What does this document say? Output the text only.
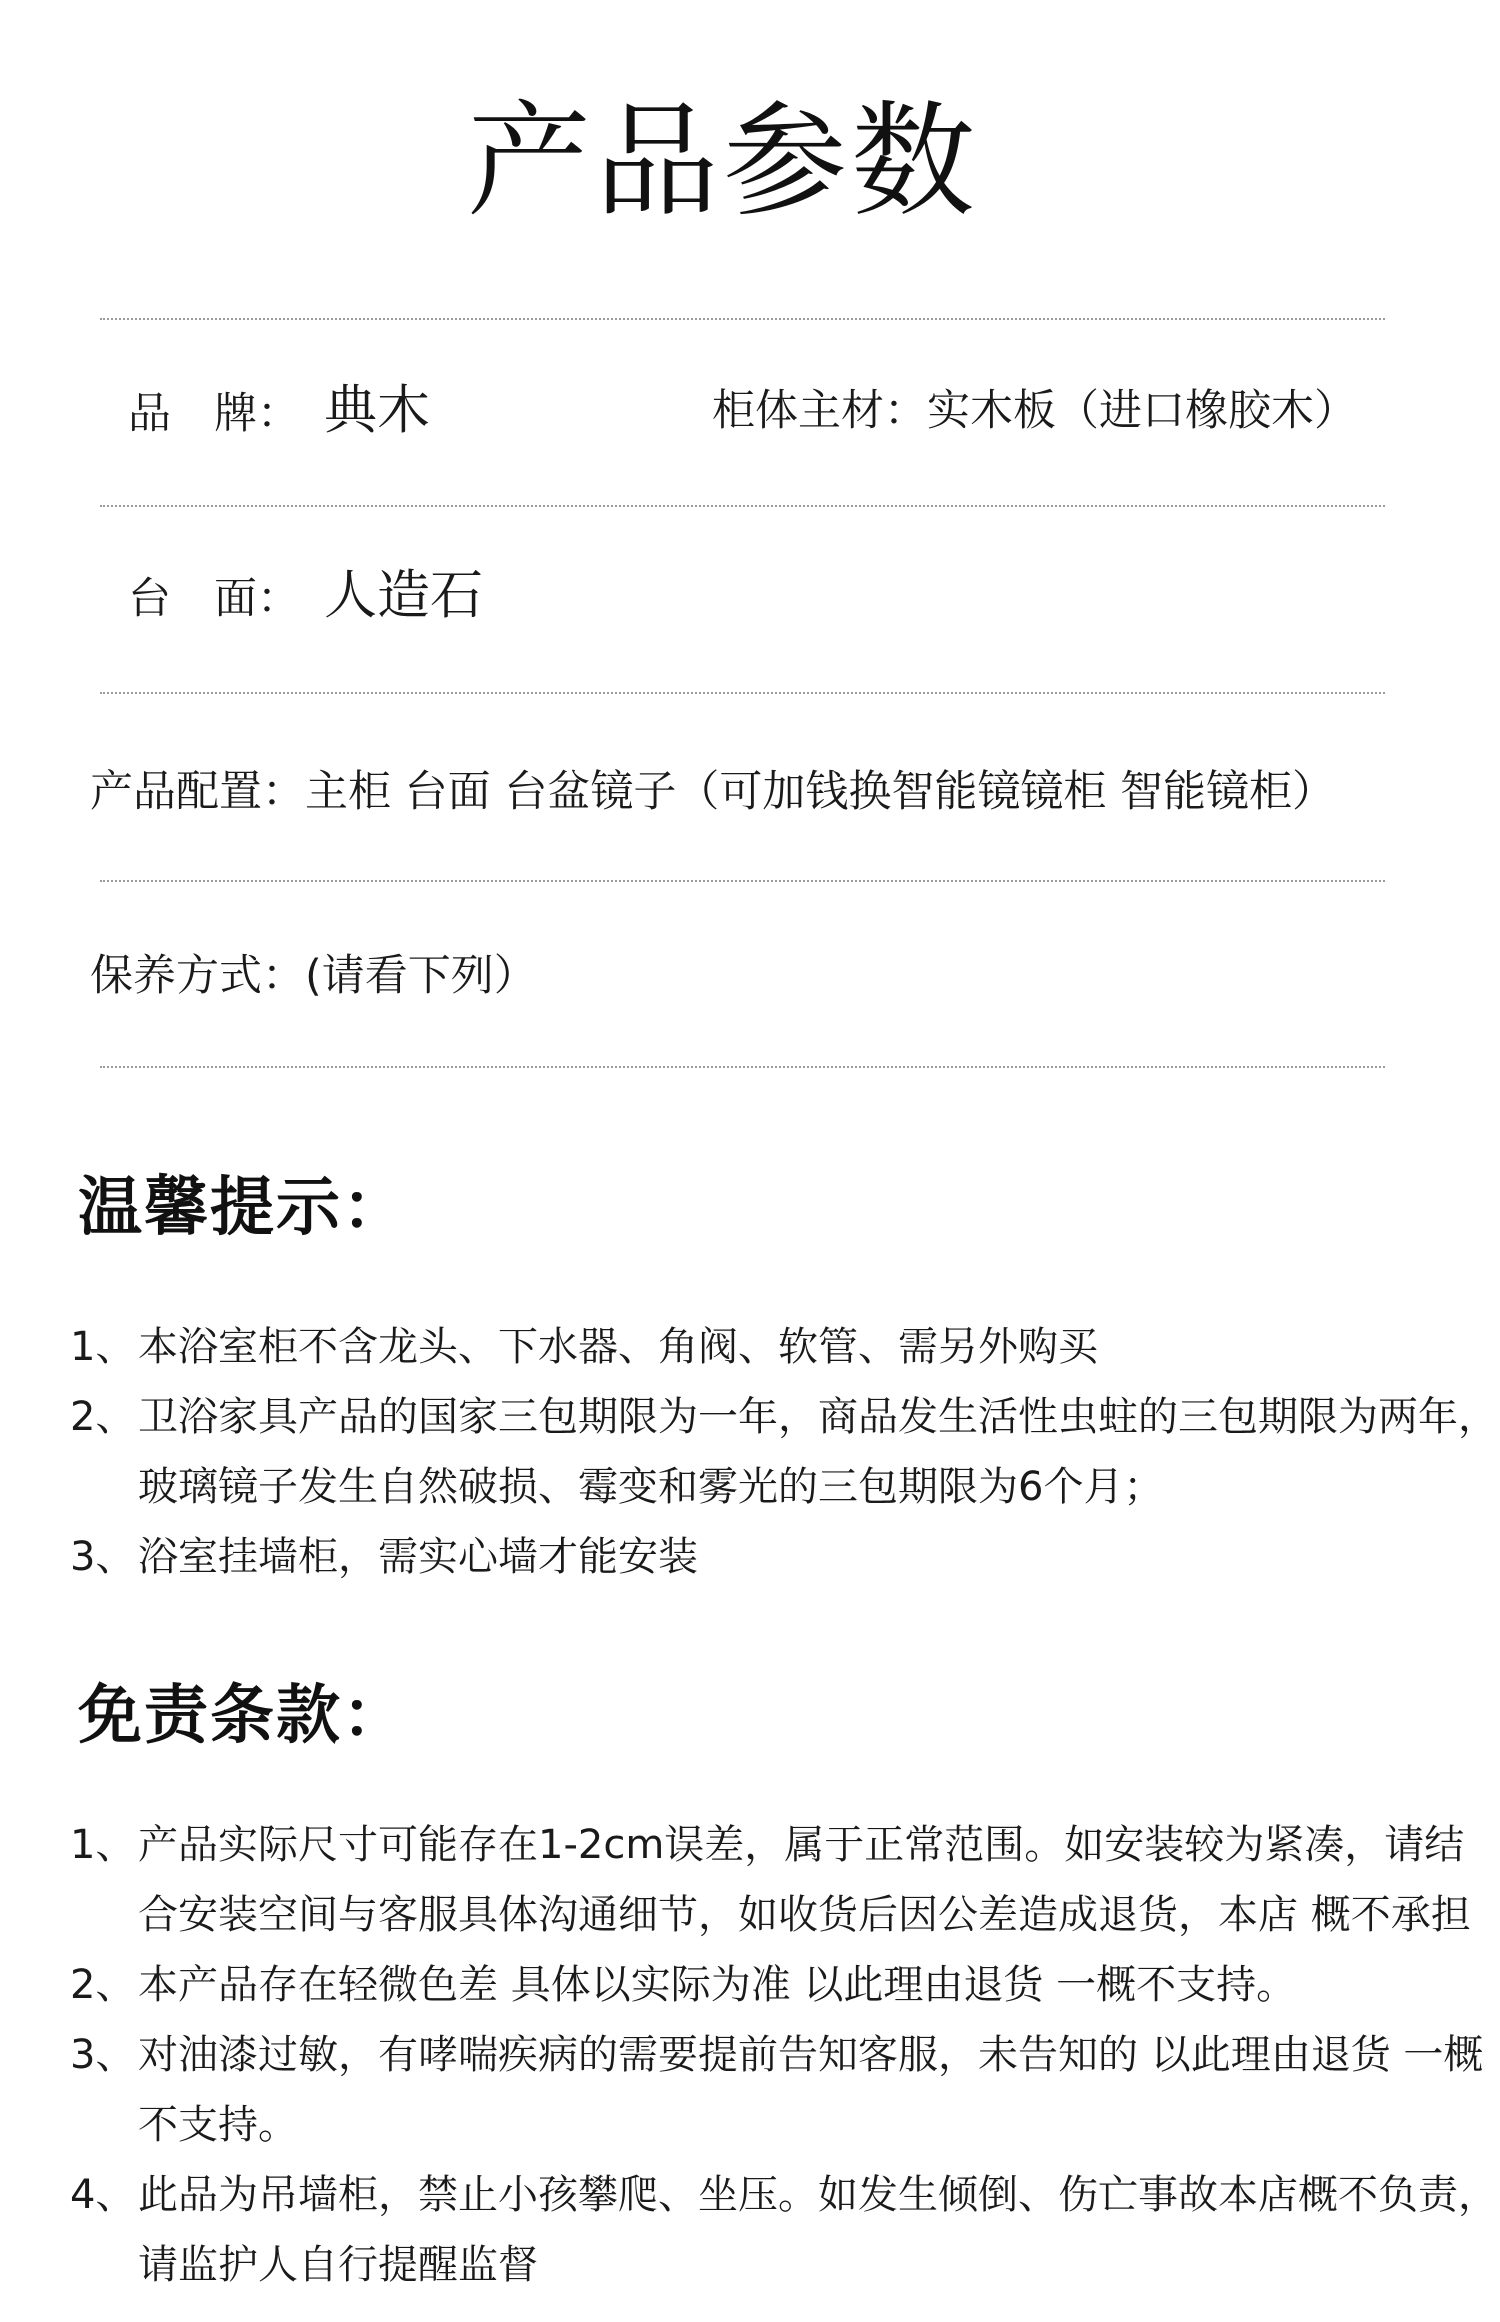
产品参数
品　牌： 典木	柜体主材：实木板（进口橡胶木）
台　面： 人造石
产品配置：主柜 台面 台盆镜子（可加钱换智能镜镜柜 智能镜柜）
保养方式：(请看下列）
温馨提示：
1、 本浴室柜不含龙头、下水器、角阀、软管、需另外购买
2、 卫浴家具产品的国家三包期限为一年，商品发生活性虫蛀的三包期限为两年，玻璃镜子发生自然破损、霉变和雾光的三包期限为6个月；
3、 浴室挂墙柜，需实心墙才能安装
免责条款：
1、 产品实际尺寸可能存在1-2cm误差，属于正常范围。如安装较为紧凑，请结合安装空间与客服具体沟通细节，如收货后因公差造成退货，本店 概不承担
2、 本产品存在轻微色差 具体以实际为准 以此理由退货 一概不支持。
3、 对油漆过敏，有哮喘疾病的需要提前告知客服，未告知的 以此理由退货 一概不支持。
4、 此品为吊墙柜，禁止小孩攀爬、坐压。如发生倾倒、伤亡事故本店概不负责，请监护人自行提醒监督
